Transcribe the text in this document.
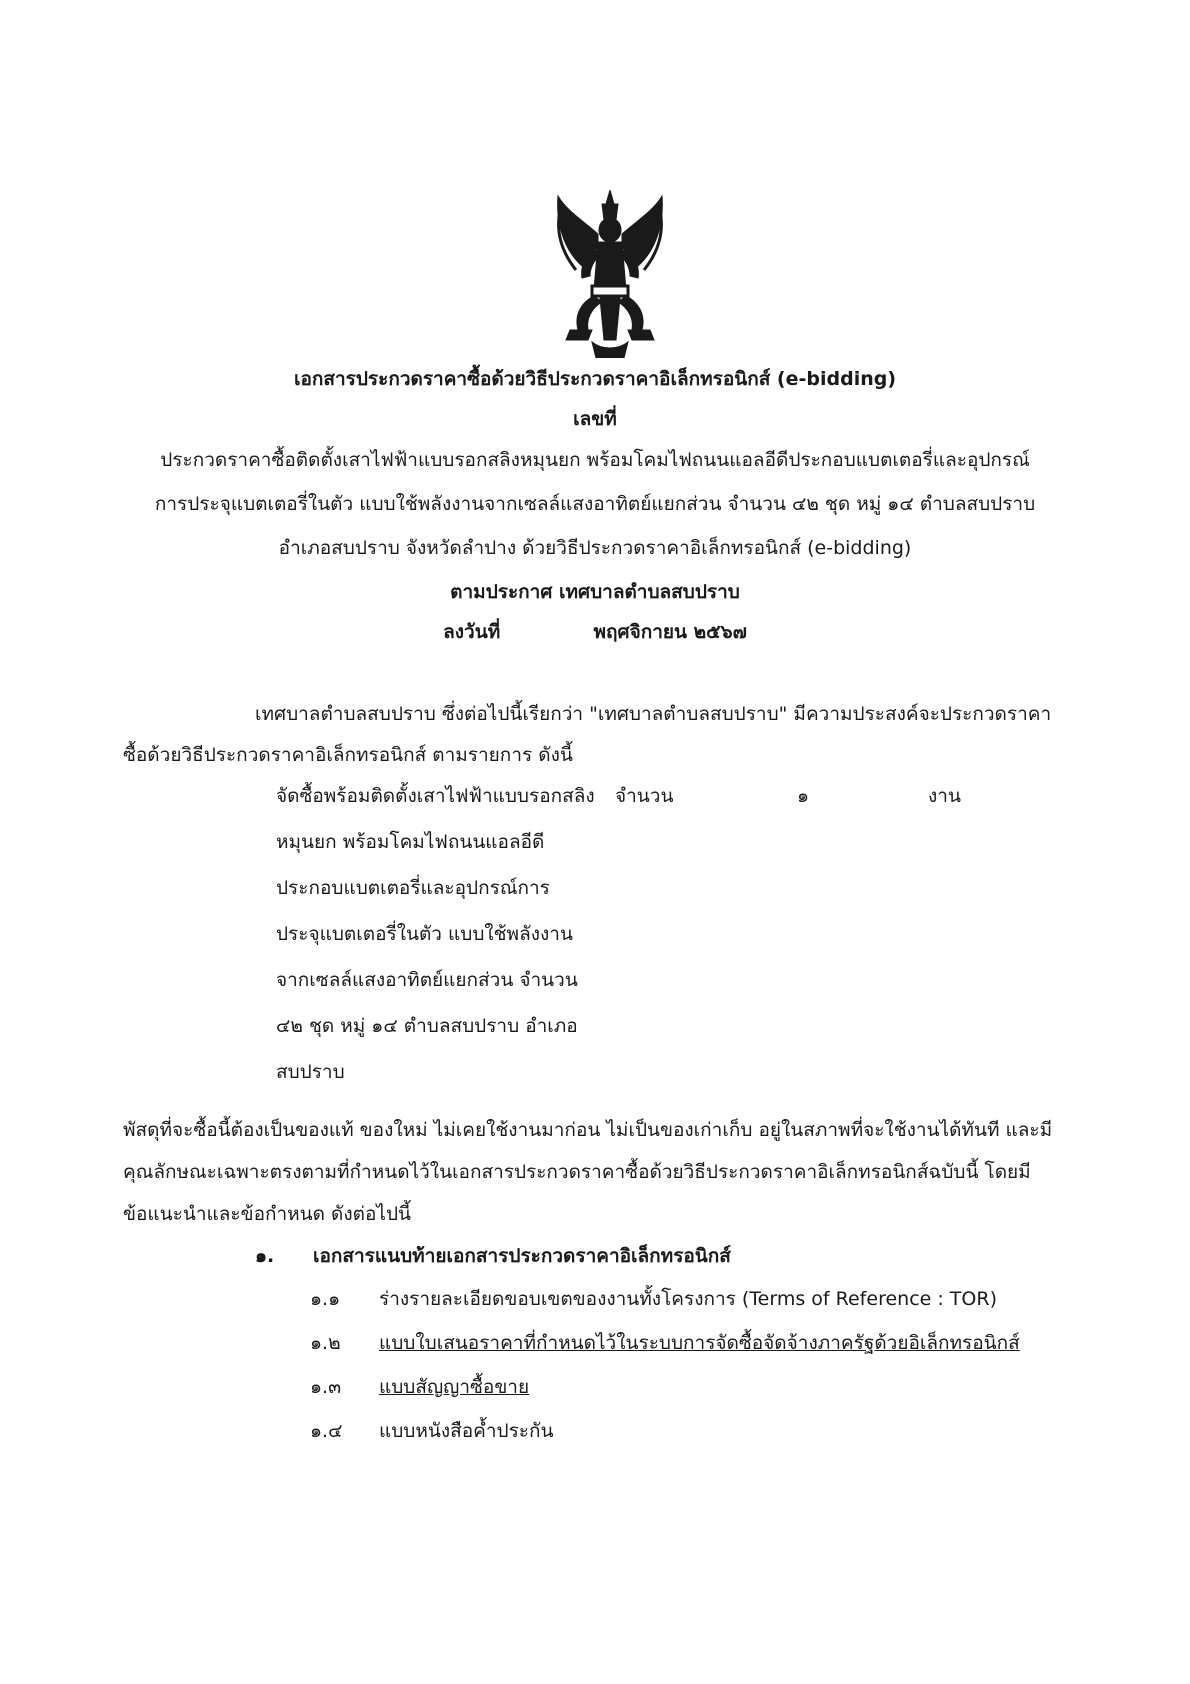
เอกสารประกวดราคาซื้อด้วยวิธีประกวดราคาอิเล็กทรอนิกส์ (e-bidding)
เลขที่
ประกวดราคาซื้อติดตั้งเสาไฟฟ้าแบบรอกสลิงหมุนยก พร้อมโคมไฟถนนแอลอีดีประกอบแบตเตอรี่และอุปกรณ์
การประจุแบตเตอรี่ในตัว แบบใช้พลังงานจากเซลล์แสงอาทิตย์แยกส่วน จำนวน ๔๒ ชุด หมู่ ๑๔ ตำบลสบปราบ
อำเภอสบปราบ จังหวัดลำปาง ด้วยวิธีประกวดราคาอิเล็กทรอนิกส์ (e-bidding)
ตามประกาศ เทศบาลตำบลสบปราบ
ลงวันที่	พฤศจิกายน ๒๕๖๗
เทศบาลตำบลสบปราบ ซึ่งต่อไปนี้เรียกว่า "เทศบาลตำบลสบปราบ" มีความประสงค์จะประกวดราคา
ซื้อด้วยวิธีประกวดราคาอิเล็กทรอนิกส์ ตามรายการ ดังนี้
จัดซื้อพร้อมติดตั้งเสาไฟฟ้าแบบรอกสลิง
หมุนยก พร้อมโคมไฟถนนแอลอีดี
ประกอบแบตเตอรี่และอุปกรณ์การ
ประจุแบตเตอรี่ในตัว แบบใช้พลังงาน
จากเซลล์แสงอาทิตย์แยกส่วน จำนวน
๔๒ ชุด หมู่ ๑๔ ตำบลสบปราบ อำเภอ
สบปราบ
จำนวน	๑	งาน
พัสดุที่จะซื้อนี้ต้องเป็นของแท้ ของใหม่ ไม่เคยใช้งานมาก่อน ไม่เป็นของเก่าเก็บ อยู่ในสภาพที่จะใช้งานได้ทันที และมี
คุณลักษณะเฉพาะตรงตามที่กำหนดไว้ในเอกสารประกวดราคาซื้อด้วยวิธีประกวดราคาอิเล็กทรอนิกส์ฉบับนี้ โดยมี
ข้อแนะนำและข้อกำหนด ดังต่อไปนี้
๑. เอกสารแนบท้ายเอกสารประกวดราคาอิเล็กทรอนิกส์
๑.๑ ร่างรายละเอียดขอบเขตของงานทั้งโครงการ (Terms of Reference : TOR)
๑.๒ แบบใบเสนอราคาที่กำหนดไว้ในระบบการจัดซื้อจัดจ้างภาครัฐด้วยอิเล็กทรอนิกส์
๑.๓ แบบสัญญาซื้อขาย
๑.๔ แบบหนังสือค้ำประกัน
